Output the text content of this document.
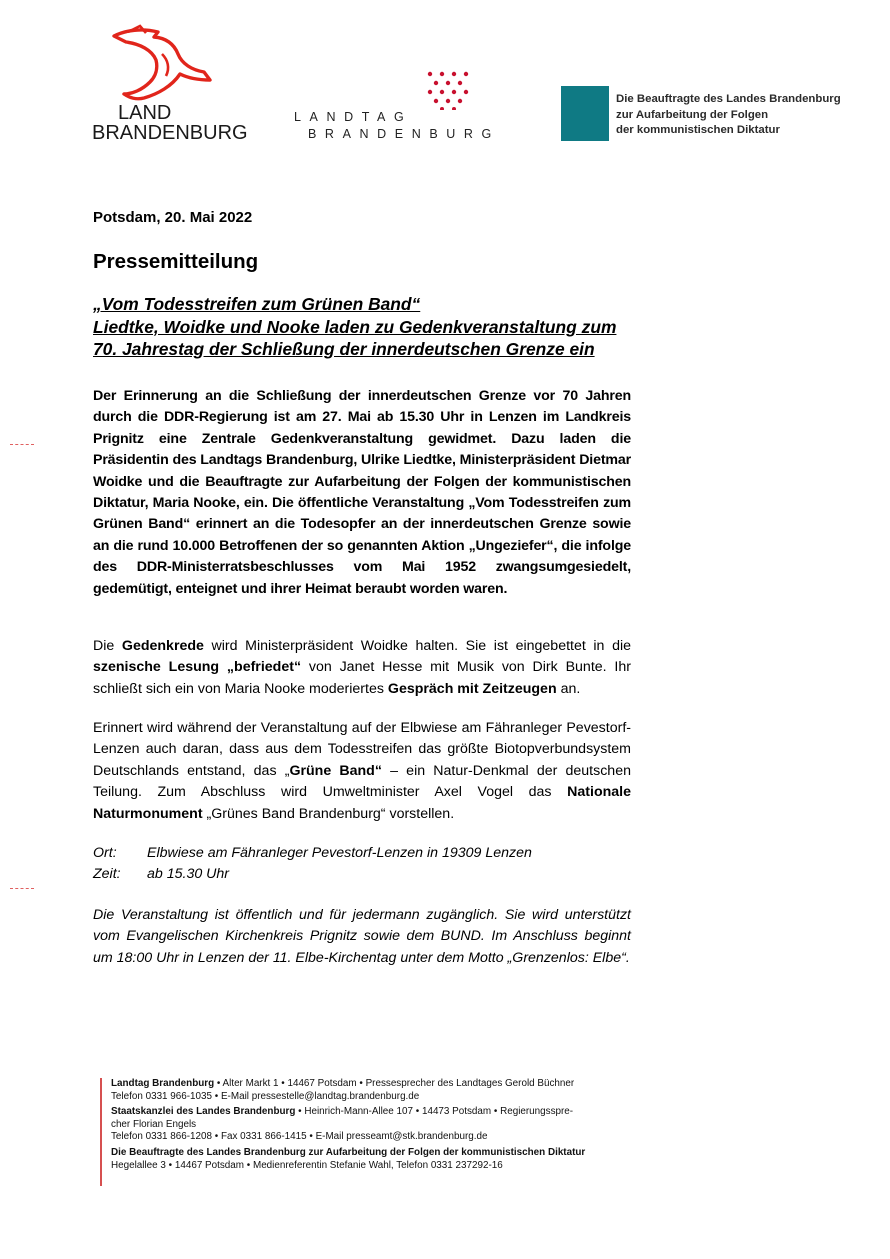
LAND
BRANDENBURG
LANDTAG
BRANDENBURG
Die Beauftragte des Landes Brandenburg
zur Aufarbeitung der Folgen
der kommunistischen Diktatur
Potsdam, 20. Mai 2022
Pressemitteilung
„Vom Todesstreifen zum Grünen Band“
Liedtke, Woidke und Nooke laden zu Gedenkveranstaltung zum
70. Jahrestag der Schließung der innerdeutschen Grenze ein
Der Erinnerung an die Schließung der innerdeutschen Grenze vor 70 Jahren durch die DDR-Regierung ist am 27. Mai ab 15.30 Uhr in Lenzen im Landkreis Prignitz eine Zentrale Gedenkveranstaltung gewidmet. Dazu laden die Präsidentin des Landtags Brandenburg, Ulrike Liedtke, Ministerpräsident Dietmar Woidke und die Beauftragte zur Aufarbeitung der Folgen der kommunistischen Diktatur, Maria Nooke, ein. Die öffentliche Veranstaltung „Vom Todesstreifen zum Grünen Band“ erinnert an die Todesopfer an der innerdeutschen Grenze sowie an die rund 10.000 Betroffenen der so genannten Aktion „Ungeziefer“, die infolge des DDR-Ministerratsbeschlusses vom Mai 1952 zwangsumgesiedelt, gedemütigt, enteignet und ihrer Heimat beraubt worden waren.
Die Gedenkrede wird Ministerpräsident Woidke halten. Sie ist eingebettet in die szenische Lesung „befriedet“ von Janet Hesse mit Musik von Dirk Bunte. Ihr schließt sich ein von Maria Nooke moderiertes Gespräch mit Zeitzeugen an.
Erinnert wird während der Veranstaltung auf der Elbwiese am Fähranleger Pevestorf-Lenzen auch daran, dass aus dem Todesstreifen das größte Biotopverbundsystem Deutschlands entstand, das „Grüne Band“ – ein Natur-Denkmal der deutschen Teilung. Zum Abschluss wird Umweltminister Axel Vogel das Nationale Naturmonument „Grünes Band Brandenburg“ vorstellen.
Ort: Elbwiese am Fähranleger Pevestorf-Lenzen in 19309 Lenzen
Zeit: ab 15.30 Uhr
Die Veranstaltung ist öffentlich und für jedermann zugänglich. Sie wird unterstützt vom Evangelischen Kirchenkreis Prignitz sowie dem BUND. Im Anschluss beginnt um 18:00 Uhr in Lenzen der 11. Elbe-Kirchentag unter dem Motto „Grenzenlos: Elbe“.

Landtag Brandenburg • Alter Markt 1 • 14467 Potsdam • Pressesprecher des Landtages Gerold Büchner

Telefon 0331 966-1035 • E-Mail pressestelle@landtag.brandenburg.de

Staatskanzlei des Landes Brandenburg • Heinrich-Mann-Allee 107 • 14473 Potsdam • Regierungsspre-

cher Florian Engels

Telefon 0331 866-1208 • Fax 0331 866-1415 • E-Mail presseamt@stk.brandenburg.de

Die Beauftragte des Landes Brandenburg zur Aufarbeitung der Folgen der kommunistischen Diktatur

Hegelallee 3 • 14467 Potsdam • Medienreferentin Stefanie Wahl, Telefon 0331 237292-16
